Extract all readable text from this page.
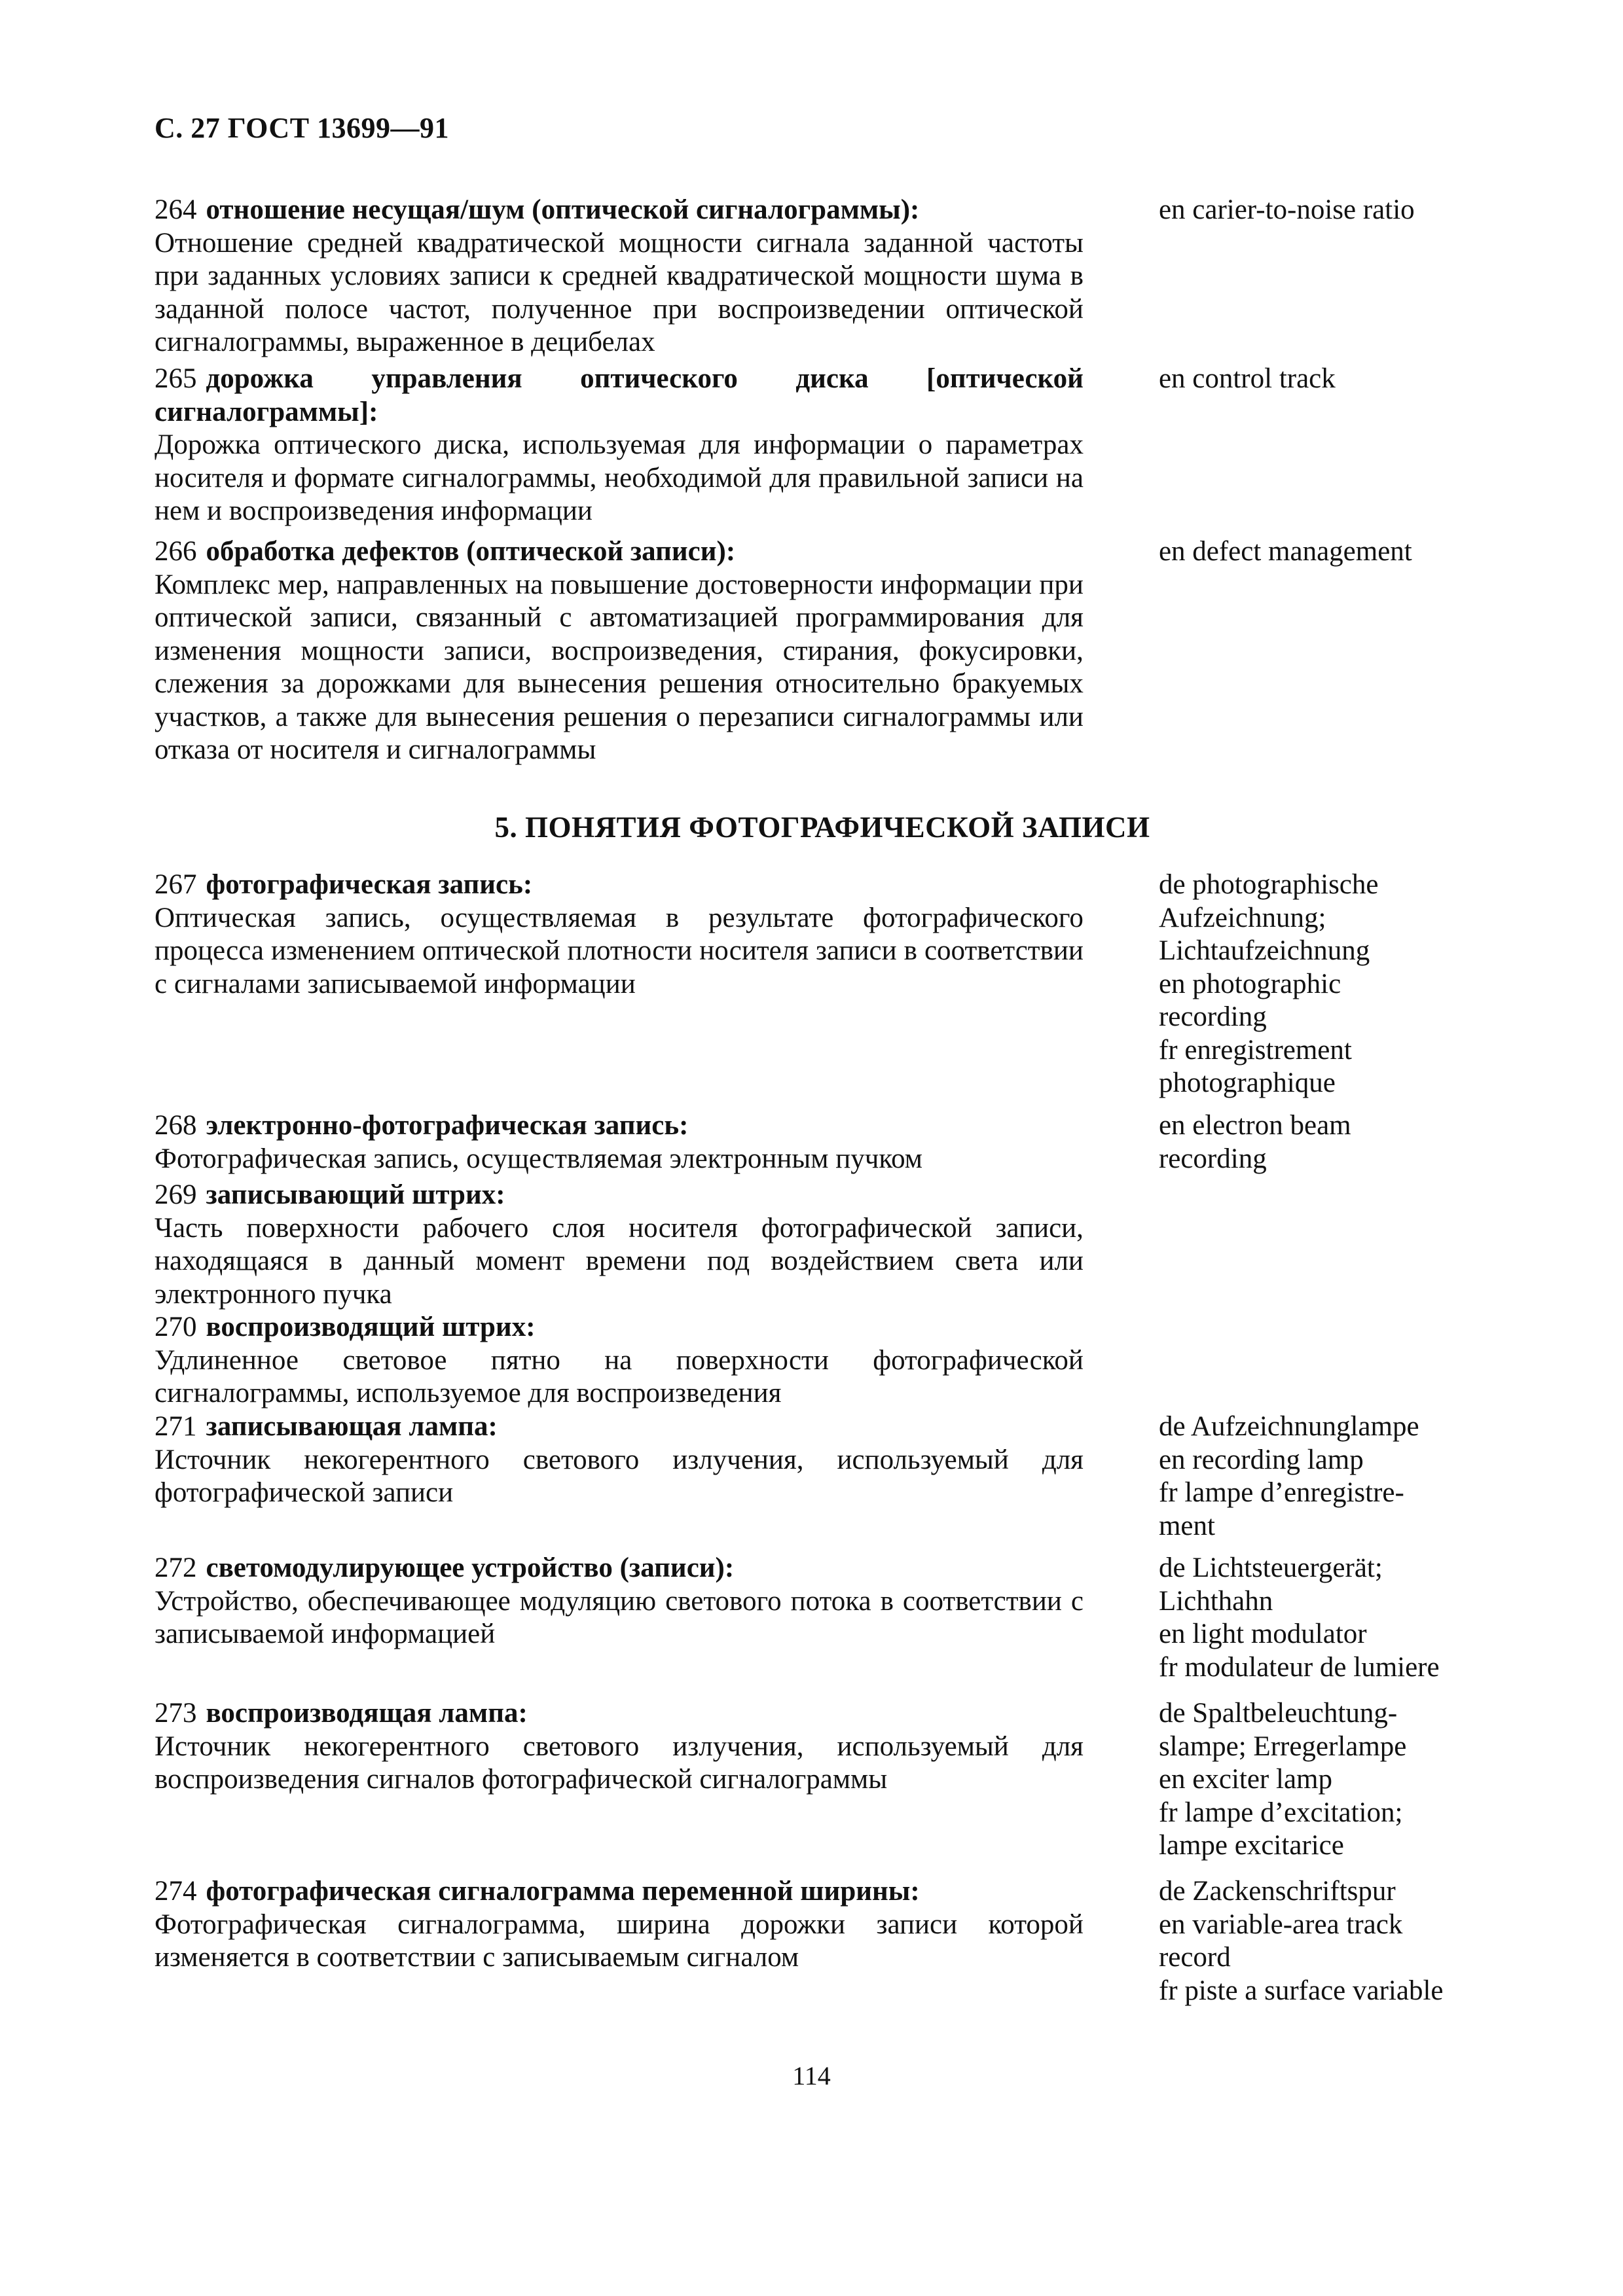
С. 27 ГОСТ 13699—91
264 отношение несущая/шум (оптической сигналограммы):
Отношение средней квадратической мощности сигнала заданной частоты при заданных условиях записи к средней квадратической мощности шума в заданной полосе частот, полученное при воспроизведении оптической сигналограммы, выраженное в децибелах
en carier-to-noise ratio
265 дорожка управления оптического диска [оптической сигналограммы]:
Дорожка оптического диска, используемая для информации о параметрах носителя и формате сигналограммы, необходимой для правильной записи на нем и воспроизведения информации
en control track
266 обработка дефектов (оптической записи):
Комплекс мер, направленных на повышение достоверности информации при оптической записи, связанный с автоматизацией программирования для изменения мощности записи, воспроизведения, стирания, фокусировки, слежения за дорожками для вынесения решения относительно бракуемых участков, а также для вынесения решения о перезаписи сигналограммы или отказа от носителя и сигналограммы
en defect management
5. ПОНЯТИЯ ФОТОГРАФИЧЕСКОЙ ЗАПИСИ
267 фотографическая запись:
Оптическая запись, осуществляемая в результате фотографического процесса изменением оптической плотности носителя записи в соответствии с сигналами записываемой информации
de photographische
Aufzeichnung;
Lichtaufzeichnung
en photographic
recording
fr enregistrement
photographique
268 электронно-фотографическая запись:
Фотографическая запись, осуществляемая электронным пучком
en electron beam
recording
269 записывающий штрих:
Часть поверхности рабочего слоя носителя фотографической записи, находящаяся в данный момент времени под воздействием света или электронного пучка
270 воспроизводящий штрих:
Удлиненное световое пятно на поверхности фотографической сигналограммы, используемое для воспроизведения
271 записывающая лампа:
Источник некогерентного светового излучения, используемый для фотографической записи
de Aufzeichnunglampe
en recording lamp
fr lampe d’enregistre-
ment
272 светомодулирующее устройство (записи):
Устройство, обеспечивающее модуляцию светового потока в соответствии с записываемой информацией
de Lichtsteuergerät;
Lichthahn
en light modulator
fr modulateur de lumiere
273 воспроизводящая лампа:
Источник некогерентного светового излучения, используемый для воспроизведения сигналов фотографической сигналограммы
de Spaltbeleuchtung-
slampe; Erregerlampe
en exciter lamp
fr lampe d’excitation;
lampe excitarice
274 фотографическая сигналограмма переменной ширины:
Фотографическая сигналограмма, ширина дорожки записи которой изменяется в соответствии с записываемым сигналом
de Zackenschriftspur
en variable-area track
record
fr piste a surface variable
114
